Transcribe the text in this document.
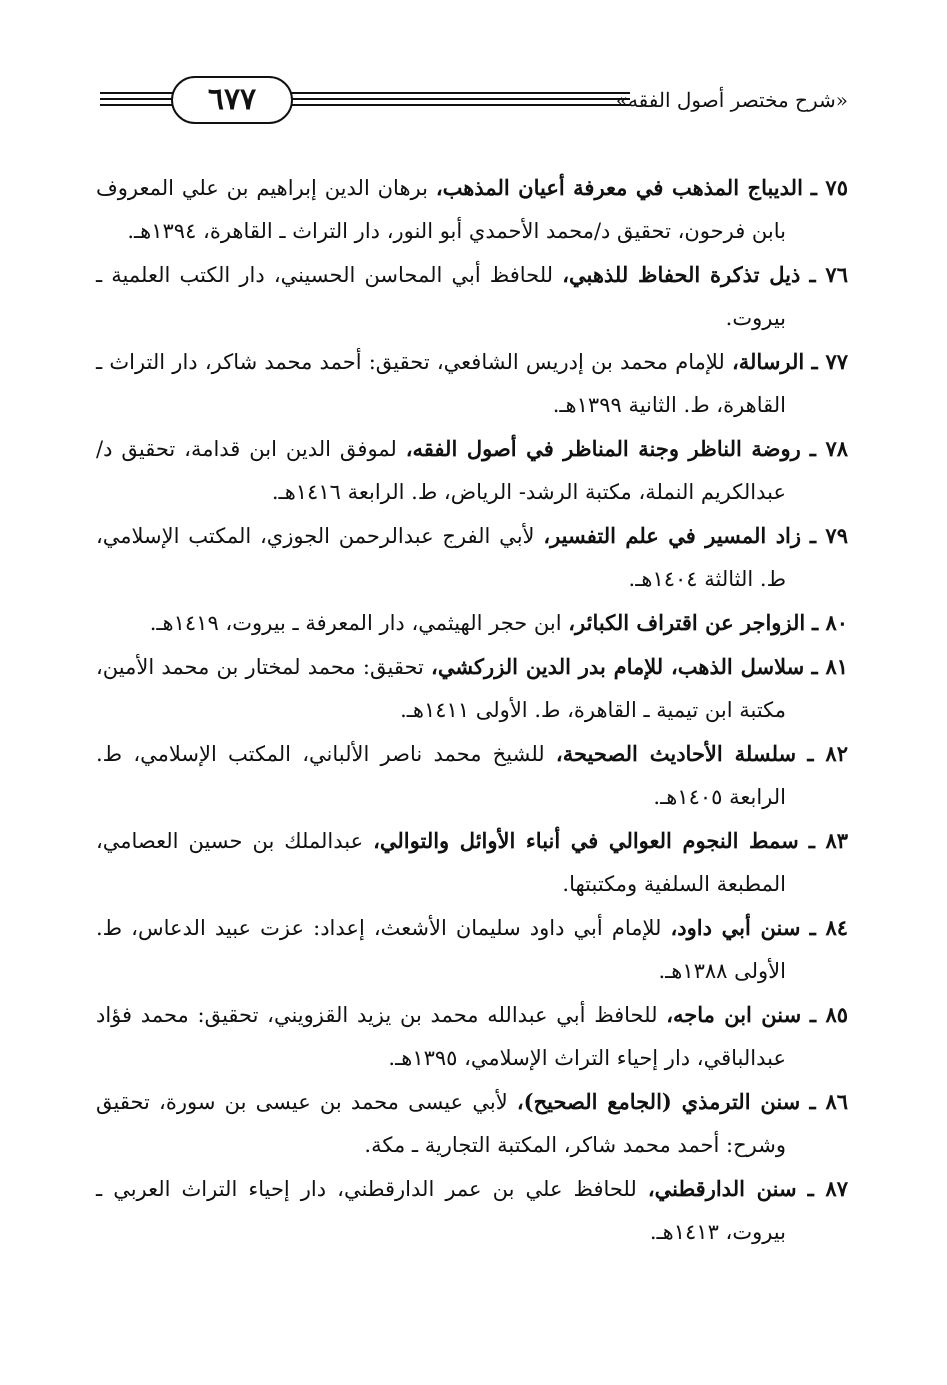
٦٧٧	«شرح مختصر أصول الفقه»

٧٥ ـ الديباج المذهب في معرفة أعيان المذهب، برهان الدين إبراهيم بن علي المعروف بابن فرحون، تحقيق د/محمد الأحمدي أبو النور، دار التراث ـ القاهرة، ١٣٩٤هـ.

٧٦ ـ ذيل تذكرة الحفاظ للذهبي، للحافظ أبي المحاسن الحسيني، دار الكتب العلمية ـ بيروت.

٧٧ ـ الرسالة، للإمام محمد بن إدريس الشافعي، تحقيق: أحمد محمد شاكر، دار التراث ـ القاهرة، ط. الثانية ١٣٩٩هـ.

٧٨ ـ روضة الناظر وجنة المناظر في أصول الفقه، لموفق الدين ابن قدامة، تحقيق د/عبدالكريم النملة، مكتبة الرشد- الرياض، ط. الرابعة ١٤١٦هـ.

٧٩ ـ زاد المسير في علم التفسير، لأبي الفرج عبدالرحمن الجوزي، المكتب الإسلامي، ط. الثالثة ١٤٠٤هـ.

٨٠ ـ الزواجر عن اقتراف الكبائر، ابن حجر الهيثمي، دار المعرفة ـ بيروت، ١٤١٩هـ.

٨١ ـ سلاسل الذهب، للإمام بدر الدين الزركشي، تحقيق: محمد لمختار بن محمد الأمين، مكتبة ابن تيمية ـ القاهرة، ط. الأولى ١٤١١هـ.

٨٢ ـ سلسلة الأحاديث الصحيحة، للشيخ محمد ناصر الألباني، المكتب الإسلامي، ط. الرابعة ١٤٠٥هـ.

٨٣ ـ سمط النجوم العوالي في أنباء الأوائل والتوالي، عبدالملك بن حسين العصامي، المطبعة السلفية ومكتبتها.

٨٤ ـ سنن أبي داود، للإمام أبي داود سليمان الأشعث، إعداد: عزت عبيد الدعاس، ط. الأولى ١٣٨٨هـ.

٨٥ ـ سنن ابن ماجه، للحافظ أبي عبدالله محمد بن يزيد القزويني، تحقيق: محمد فؤاد عبدالباقي، دار إحياء التراث الإسلامي، ١٣٩٥هـ.

٨٦ ـ سنن الترمذي (الجامع الصحيح)، لأبي عيسى محمد بن عيسى بن سورة، تحقيق وشرح: أحمد محمد شاكر، المكتبة التجارية ـ مكة.

٨٧ ـ سنن الدارقطني، للحافظ علي بن عمر الدارقطني، دار إحياء التراث العربي ـ بيروت، ١٤١٣هـ.
